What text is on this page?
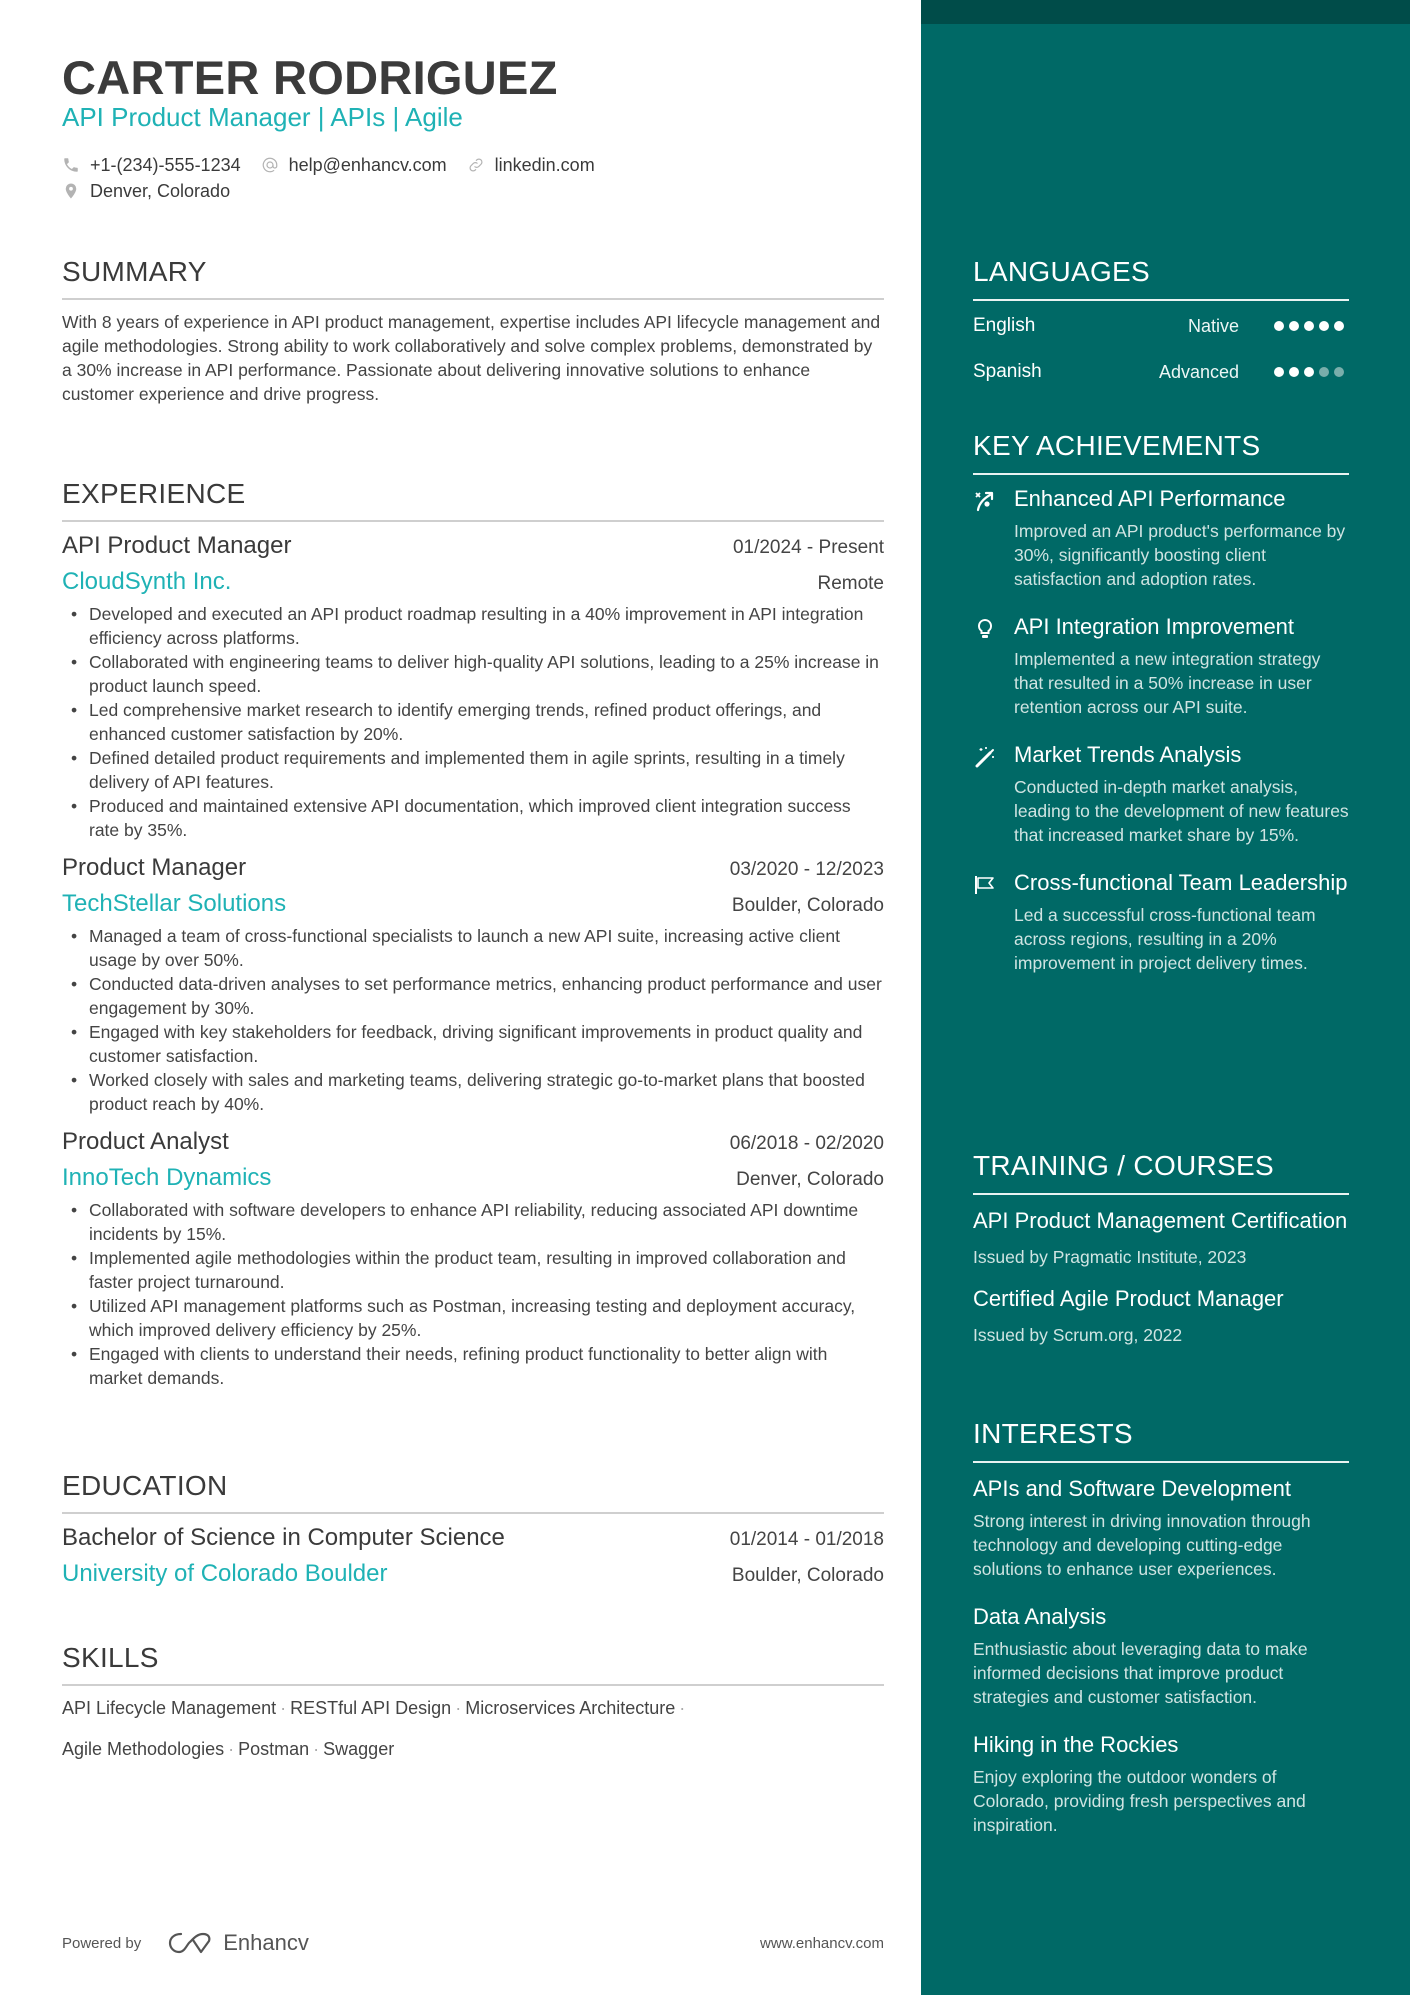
CARTER RODRIGUEZ
API Product Manager | APIs | Agile
+1-(234)-555-1234	help@enhancv.com	linkedin.com
Denver, Colorado
SUMMARY
With 8 years of experience in API product management, expertise includes API lifecycle management and agile methodologies. Strong ability to work collaboratively and solve complex problems, demonstrated by a 30% increase in API performance. Passionate about delivering innovative solutions to enhance customer experience and drive progress.
EXPERIENCE
API Product Manager	01/2024 - Present
CloudSynth Inc.	Remote
• Developed and executed an API product roadmap resulting in a 40% improvement in API integration efficiency across platforms.
• Collaborated with engineering teams to deliver high-quality API solutions, leading to a 25% increase in product launch speed.
• Led comprehensive market research to identify emerging trends, refined product offerings, and enhanced customer satisfaction by 20%.
• Defined detailed product requirements and implemented them in agile sprints, resulting in a timely delivery of API features.
• Produced and maintained extensive API documentation, which improved client integration success rate by 35%.
Product Manager	03/2020 - 12/2023
TechStellar Solutions	Boulder, Colorado
• Managed a team of cross-functional specialists to launch a new API suite, increasing active client usage by over 50%.
• Conducted data-driven analyses to set performance metrics, enhancing product performance and user engagement by 30%.
• Engaged with key stakeholders for feedback, driving significant improvements in product quality and customer satisfaction.
• Worked closely with sales and marketing teams, delivering strategic go-to-market plans that boosted product reach by 40%.
Product Analyst	06/2018 - 02/2020
InnoTech Dynamics	Denver, Colorado
• Collaborated with software developers to enhance API reliability, reducing associated API downtime incidents by 15%.
• Implemented agile methodologies within the product team, resulting in improved collaboration and faster project turnaround.
• Utilized API management platforms such as Postman, increasing testing and deployment accuracy, which improved delivery efficiency by 25%.
• Engaged with clients to understand their needs, refining product functionality to better align with market demands.
EDUCATION
Bachelor of Science in Computer Science	01/2014 - 01/2018
University of Colorado Boulder	Boulder, Colorado
SKILLS
API Lifecycle Management · RESTful API Design · Microservices Architecture ·
Agile Methodologies · Postman · Swagger
Powered by	Enhancv	www.enhancv.com
LANGUAGES
English	Native
Spanish	Advanced
KEY ACHIEVEMENTS
Enhanced API Performance
Improved an API product's performance by 30%, significantly boosting client satisfaction and adoption rates.
API Integration Improvement
Implemented a new integration strategy that resulted in a 50% increase in user retention across our API suite.
Market Trends Analysis
Conducted in-depth market analysis, leading to the development of new features that increased market share by 15%.
Cross-functional Team Leadership
Led a successful cross-functional team across regions, resulting in a 20% improvement in project delivery times.
TRAINING / COURSES
API Product Management Certification
Issued by Pragmatic Institute, 2023
Certified Agile Product Manager
Issued by Scrum.org, 2022
INTERESTS
APIs and Software Development
Strong interest in driving innovation through technology and developing cutting-edge solutions to enhance user experiences.
Data Analysis
Enthusiastic about leveraging data to make informed decisions that improve product strategies and customer satisfaction.
Hiking in the Rockies
Enjoy exploring the outdoor wonders of Colorado, providing fresh perspectives and inspiration.
